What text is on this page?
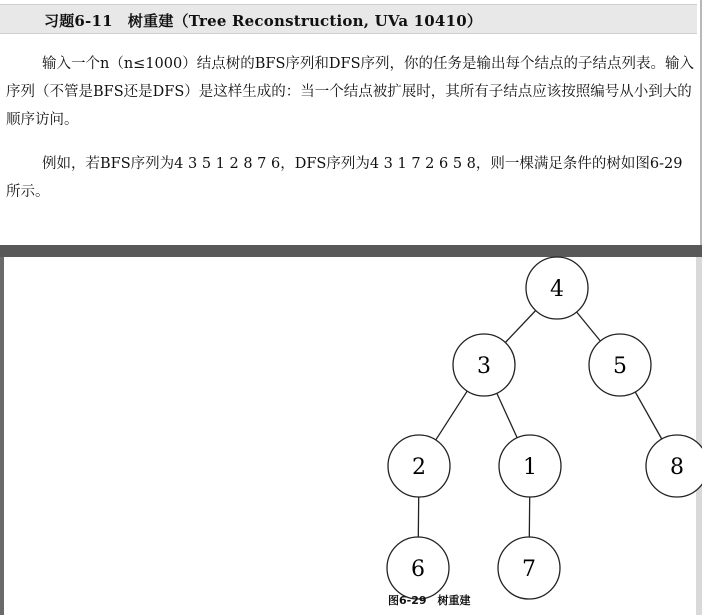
习题6-11　树重建（Tree Reconstruction, UVa 10410）

输入一个n（n≤1000）结点树的BFS序列和DFS序列，你的任务是输出每个结点的子结点列表。输入序列（不管是BFS还是DFS）是这样生成的：当一个结点被扩展时，其所有子结点应该按照编号从小到大的顺序访问。

例如，若BFS序列为4 3 5 1 2 8 7 6，DFS序列为4 3 1 7 2 6 5 8，则一棵满足条件的树如图6-29所示。

4
3	5
2	1	8
6	7
图6-29　树重建
